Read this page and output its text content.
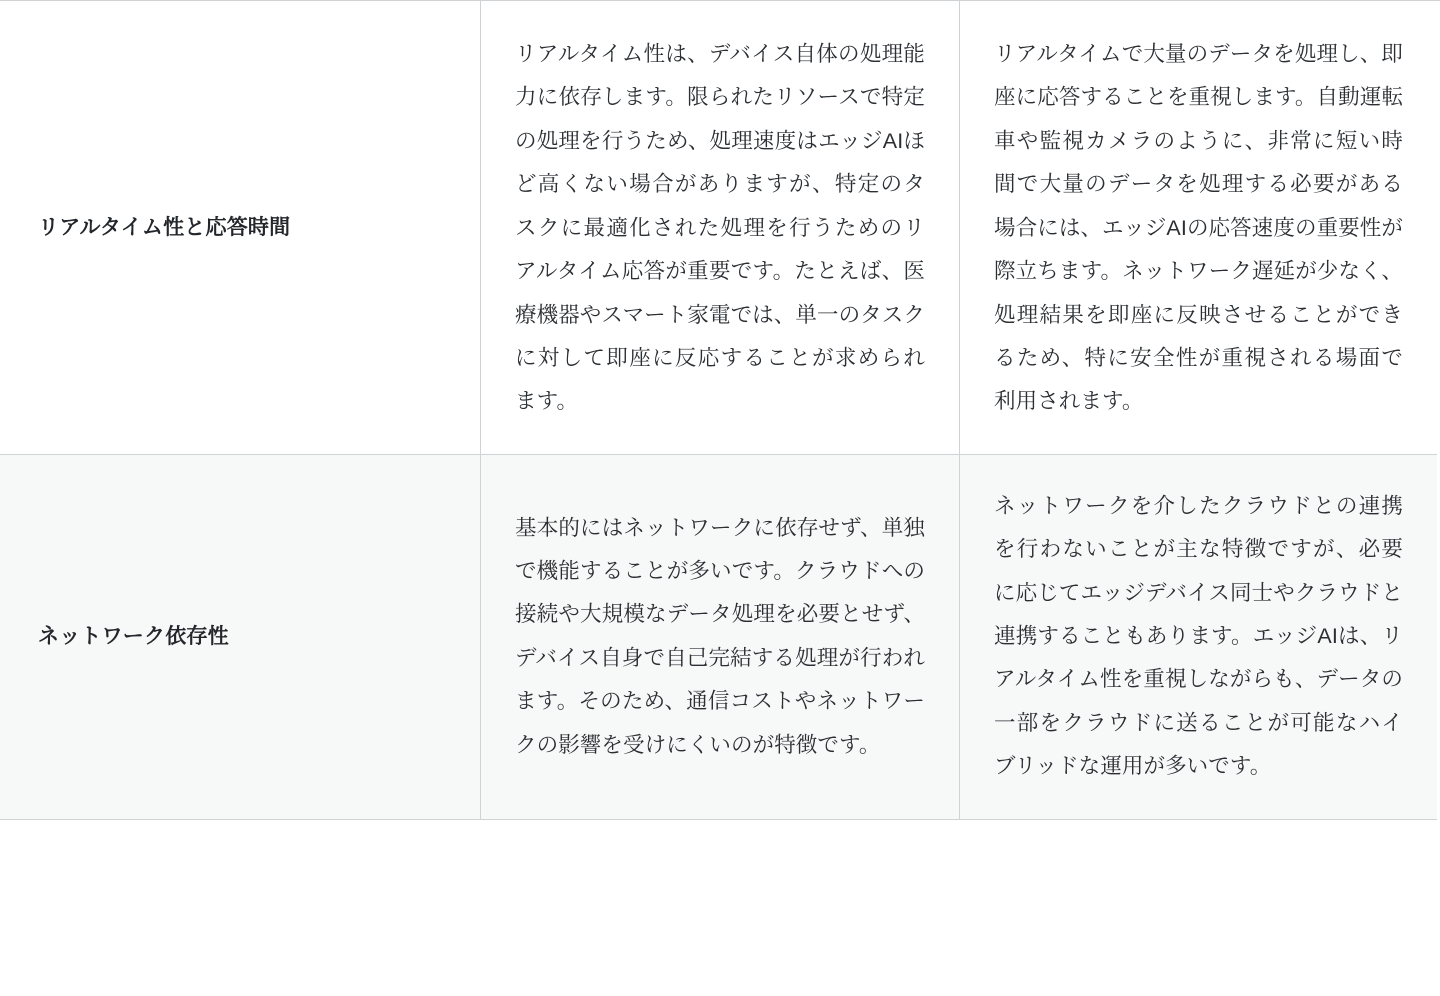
リアルタイム性と応答時間	リアルタイム性は、デバイス自体の処理能力に依存します。限られたリソースで特定の処理を行うため、処理速度はエッジAIほど高くない場合がありますが、特定のタスクに最適化された処理を行うためのリアルタイム応答が重要です。たとえば、医療機器やスマート家電では、単一のタスクに対して即座に反応することが求められます。	リアルタイムで大量のデータを処理し、即座に応答することを重視します。自動運転車や監視カメラのように、非常に短い時間で大量のデータを処理する必要がある場合には、エッジAIの応答速度の重要性が際立ちます。ネットワーク遅延が少なく、処理結果を即座に反映させることができるため、特に安全性が重視される場面で利用されます。

ネットワーク依存性	基本的にはネットワークに依存せず、単独で機能することが多いです。クラウドへの接続や大規模なデータ処理を必要とせず、デバイス自身で自己完結する処理が行われます。そのため、通信コストやネットワークの影響を受けにくいのが特徴です。	ネットワークを介したクラウドとの連携を行わないことが主な特徴ですが、必要に応じてエッジデバイス同士やクラウドと連携することもあります。エッジAIは、リアルタイム性を重視しながらも、データの一部をクラウドに送ることが可能なハイブリッドな運用が多いです。
